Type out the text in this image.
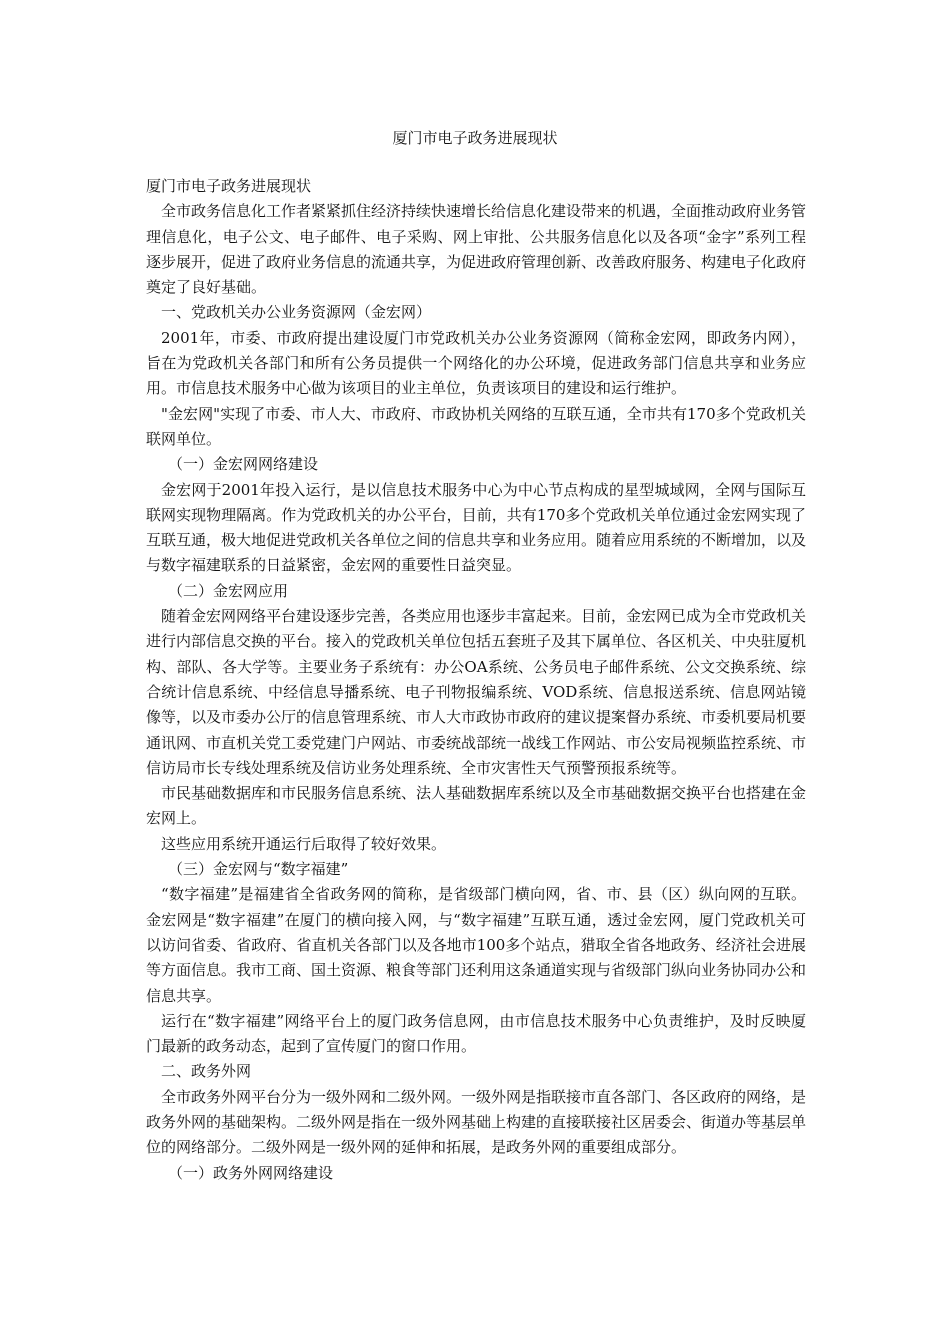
厦门市电子政务进展现状

厦门市电子政务进展现状

全市政务信息化工作者紧紧抓住经济持续快速增长给信息化建设带来的机遇，全面推动政府业务管理信息化，电子公文、电子邮件、电子采购、网上审批、公共服务信息化以及各项“金字”系列工程逐步展开，促进了政府业务信息的流通共享，为促进政府管理创新、改善政府服务、构建电子化政府奠定了良好基础。

一、党政机关办公业务资源网（金宏网）

2001年，市委、市政府提出建设厦门市党政机关办公业务资源网（简称金宏网，即政务内网），旨在为党政机关各部门和所有公务员提供一个网络化的办公环境，促进政务部门信息共享和业务应用。市信息技术服务中心做为该项目的业主单位，负责该项目的建设和运行维护。

"金宏网"实现了市委、市人大、市政府、市政协机关网络的互联互通，全市共有170多个党政机关联网单位。

（一）金宏网网络建设

金宏网于2001年投入运行，是以信息技术服务中心为中心节点构成的星型城域网，全网与国际互联网实现物理隔离。作为党政机关的办公平台，目前，共有170多个党政机关单位通过金宏网实现了互联互通，极大地促进党政机关各单位之间的信息共享和业务应用。随着应用系统的不断增加，以及与数字福建联系的日益紧密，金宏网的重要性日益突显。

（二）金宏网应用

随着金宏网网络平台建设逐步完善，各类应用也逐步丰富起来。目前，金宏网已成为全市党政机关进行内部信息交换的平台。接入的党政机关单位包括五套班子及其下属单位、各区机关、中央驻厦机构、部队、各大学等。主要业务子系统有：办公OA系统、公务员电子邮件系统、公文交换系统、综合统计信息系统、中经信息导播系统、电子刊物报编系统、VOD系统、信息报送系统、信息网站镜像等，以及市委办公厅的信息管理系统、市人大市政协市政府的建议提案督办系统、市委机要局机要通讯网、市直机关党工委党建门户网站、市委统战部统一战线工作网站、市公安局视频监控系统、市信访局市长专线处理系统及信访业务处理系统、全市灾害性天气预警预报系统等。

市民基础数据库和市民服务信息系统、法人基础数据库系统以及全市基础数据交换平台也搭建在金宏网上。

这些应用系统开通运行后取得了较好效果。

（三）金宏网与“数字福建”

“数字福建”是福建省全省政务网的简称，是省级部门横向网，省、市、县（区）纵向网的互联。金宏网是“数字福建”在厦门的横向接入网，与“数字福建”互联互通，透过金宏网，厦门党政机关可以访问省委、省政府、省直机关各部门以及各地市100多个站点，猎取全省各地政务、经济社会进展等方面信息。我市工商、国土资源、粮食等部门还利用这条通道实现与省级部门纵向业务协同办公和信息共享。

运行在“数字福建”网络平台上的厦门政务信息网，由市信息技术服务中心负责维护，及时反映厦门最新的政务动态，起到了宣传厦门的窗口作用。

二、政务外网

全市政务外网平台分为一级外网和二级外网。一级外网是指联接市直各部门、各区政府的网络，是政务外网的基础架构。二级外网是指在一级外网基础上构建的直接联接社区居委会、街道办等基层单位的网络部分。二级外网是一级外网的延伸和拓展，是政务外网的重要组成部分。

（一）政务外网网络建设
